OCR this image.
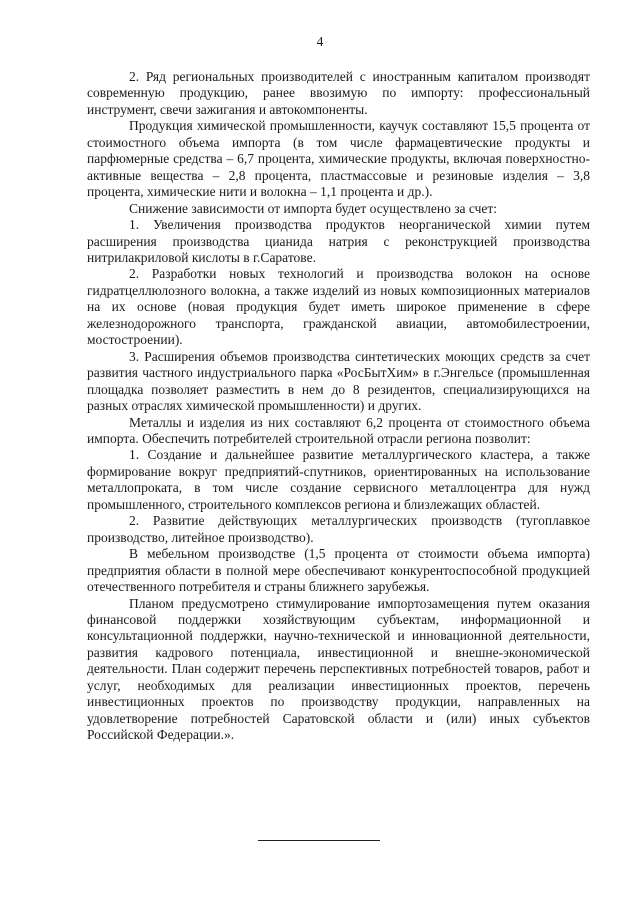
4

2. Ряд региональных производителей с иностранным капиталом производят современную продукцию, ранее ввозимую по импорту: профессиональный инструмент, свечи зажигания и автокомпоненты.

Продукция химической промышленности, каучук составляют 15,5 процента от стоимостного объема импорта (в том числе фармацевтические продукты и парфюмерные средства – 6,7 процента, химические продукты, включая поверхностно-активные вещества – 2,8 процента, пластмассовые и резиновые изделия – 3,8 процента, химические нити и волокна – 1,1 процента и др.).

Снижение зависимости от импорта будет осуществлено за счет:

1. Увеличения производства продуктов неорганической химии путем расширения производства цианида натрия с реконструкцией производства нитрилакриловой кислоты в г.Саратове.

2. Разработки новых технологий и производства волокон на основе гидратцеллюлозного волокна, а также изделий из новых композиционных материалов на их основе (новая продукция будет иметь широкое применение в сфере железнодорожного транспорта, гражданской авиации, автомобилестроении, мостостроении).

3. Расширения объемов производства синтетических моющих средств за счет развития частного индустриального парка «РосБытХим» в г.Энгельсе (промышленная площадка позволяет разместить в нем до 8 резидентов, специализирующихся на разных отраслях химической промышленности) и других.

Металлы и изделия из них составляют 6,2 процента от стоимостного объема импорта. Обеспечить потребителей строительной отрасли региона позволит:

1. Создание и дальнейшее развитие металлургического кластера, а также формирование вокруг предприятий-спутников, ориентированных на использование металлопроката, в том числе создание сервисного металлоцентра для нужд промышленного, строительного комплексов региона и близлежащих областей.

2. Развитие действующих металлургических производств (тугоплавкое производство, литейное производство).

В мебельном производстве (1,5 процента от стоимости объема импорта) предприятия области в полной мере обеспечивают конкурентоспособной продукцией отечественного потребителя и страны ближнего зарубежья.

Планом предусмотрено стимулирование импортозамещения путем оказания финансовой поддержки хозяйствующим субъектам, информационной и консультационной поддержки, научно-технической и инновационной деятельности, развития кадрового потенциала, инвестиционной и внешне-экономической деятельности. План содержит перечень перспективных потребностей товаров, работ и услуг, необходимых для реализации инвестиционных проектов, перечень инвестиционных проектов по производству продукции, направленных на удовлетворение потребностей Саратовской области и (или) иных субъектов Российской Федерации.».
